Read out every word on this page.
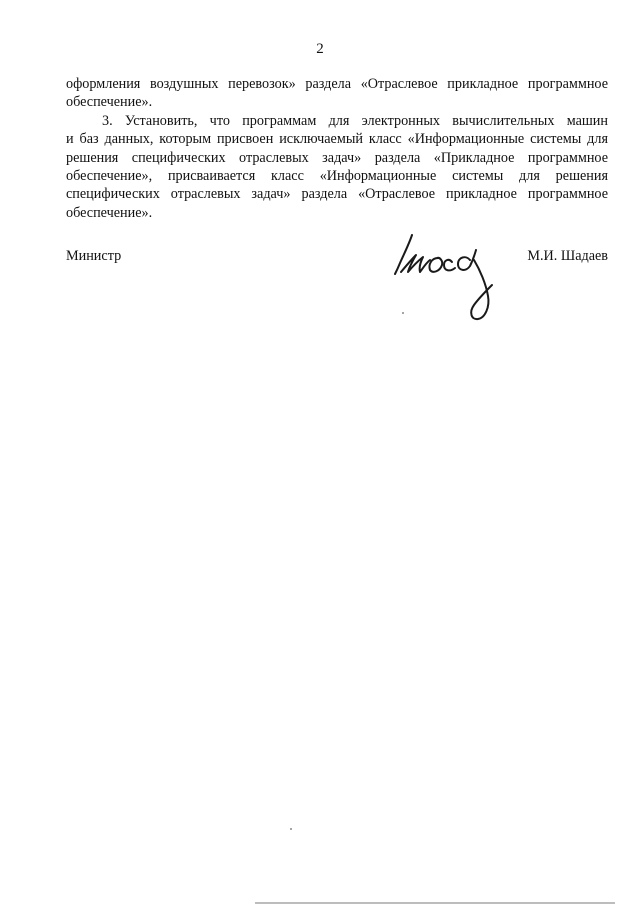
2
оформления воздушных перевозок» раздела «Отраслевое прикладное программное
обеспечение».
3. Установить, что программам для электронных вычислительных машин
и баз данных, которым присвоен исключаемый класс «Информационные системы для
решения специфических отраслевых задач» раздела «Прикладное программное
обеспечение», присваивается класс «Информационные системы для решения
специфических отраслевых задач» раздела «Отраслевое прикладное программное
обеспечение».
Министр	М.И. Шадаев
